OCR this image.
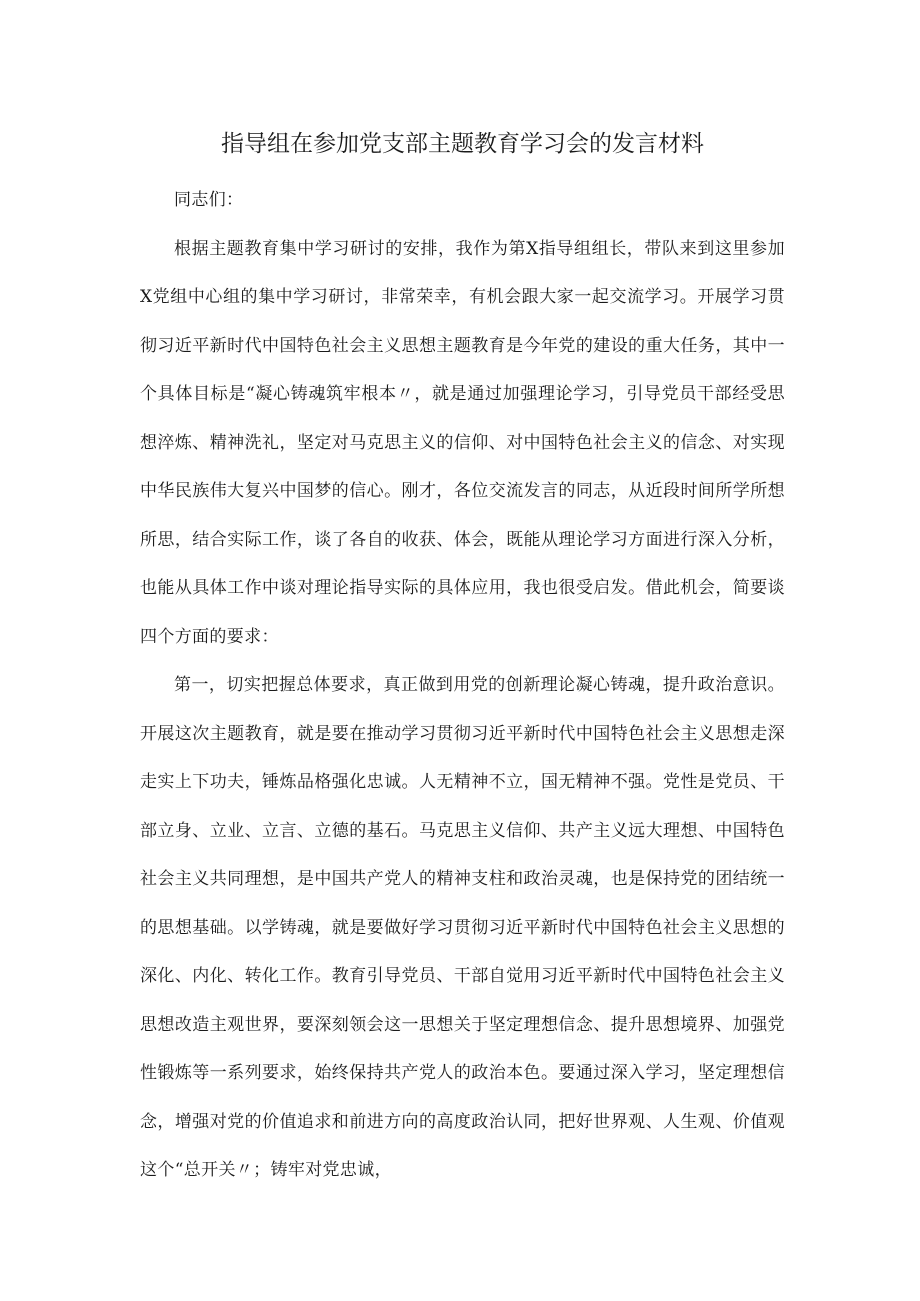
指导组在参加党支部主题教育学习会的发言材料

同志们：

根据主题教育集中学习研讨的安排，我作为第X指导组组长，带队来到这里参加X党组中心组的集中学习研讨，非常荣幸，有机会跟大家一起交流学习。开展学习贯彻习近平新时代中国特色社会主义思想主题教育是今年党的建设的重大任务，其中一个具体目标是“凝心铸魂筑牢根本〃，就是通过加强理论学习，引导党员干部经受思想淬炼、精神洗礼，坚定对马克思主义的信仰、对中国特色社会主义的信念、对实现中华民族伟大复兴中国梦的信心。刚才，各位交流发言的同志，从近段时间所学所想所思，结合实际工作，谈了各自的收获、体会，既能从理论学习方面进行深入分析，也能从具体工作中谈对理论指导实际的具体应用，我也很受启发。借此机会，简要谈四个方面的要求：

第一，切实把握总体要求，真正做到用党的创新理论凝心铸魂，提升政治意识。开展这次主题教育，就是要在推动学习贯彻习近平新时代中国特色社会主义思想走深走实上下功夫，锤炼品格强化忠诚。人无精神不立，国无精神不强。党性是党员、干部立身、立业、立言、立德的基石。马克思主义信仰、共产主义远大理想、中国特色社会主义共同理想，是中国共产党人的精神支柱和政治灵魂，也是保持党的团结统一的思想基础。以学铸魂，就是要做好学习贯彻习近平新时代中国特色社会主义思想的深化、内化、转化工作。教育引导党员、干部自觉用习近平新时代中国特色社会主义思想改造主观世界，要深刻领会这一思想关于坚定理想信念、提升思想境界、加强党性锻炼等一系列要求，始终保持共产党人的政治本色。要通过深入学习，坚定理想信念，增强对党的价值追求和前进方向的高度政治认同，把好世界观、人生观、价值观这个“总开关〃；铸牢对党忠诚，
